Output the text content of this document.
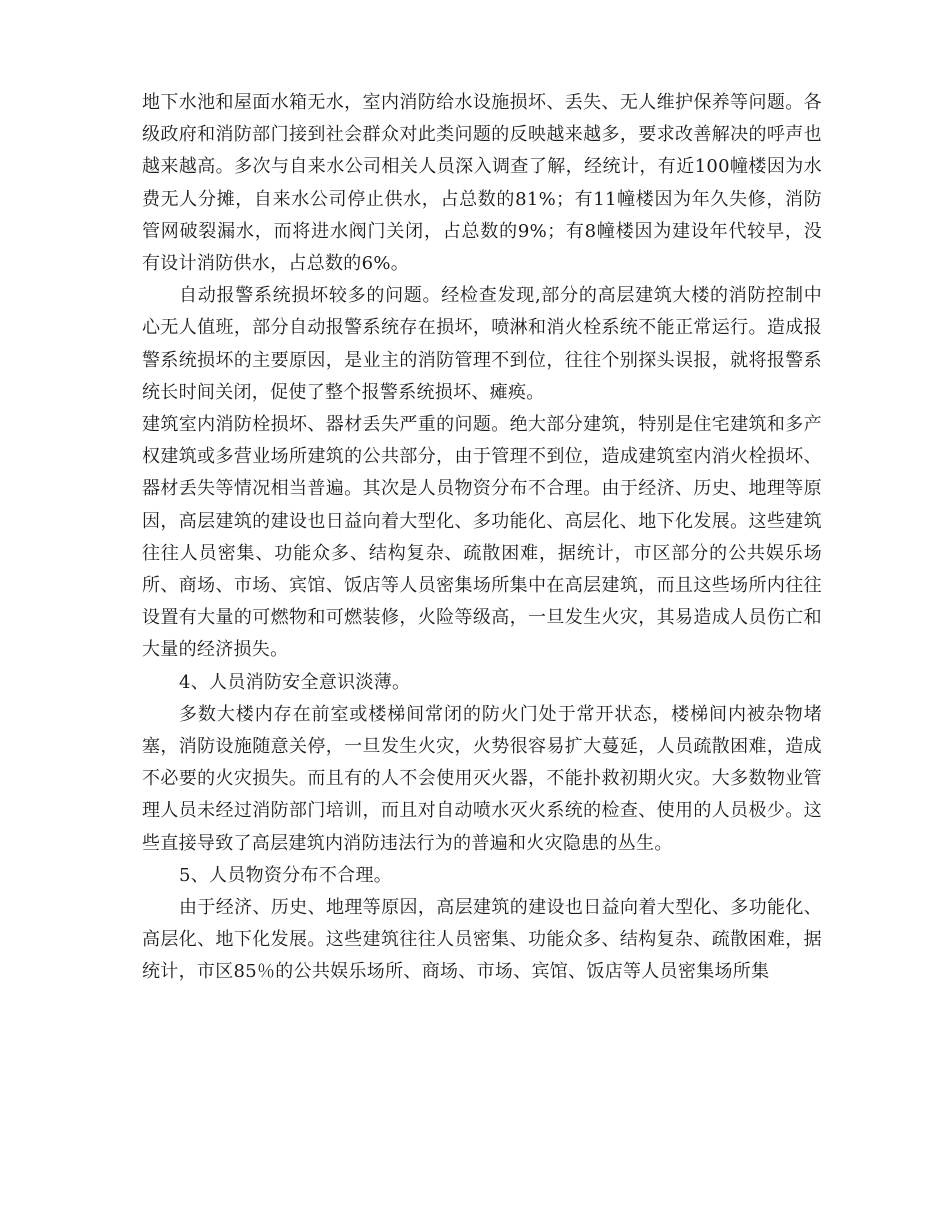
地下水池和屋面水箱无水，室内消防给水设施损坏、丢失、无人维护保养等问题。各级政府和消防部门接到社会群众对此类问题的反映越来越多，要求改善解决的呼声也越来越高。多次与自来水公司相关人员深入调查了解，经统计，有近100幢楼因为水费无人分摊，自来水公司停止供水，占总数的81%；有11幢楼因为年久失修，消防管网破裂漏水，而将进水阀门关闭，占总数的9%；有8幢楼因为建设年代较早，没有设计消防供水，占总数的6%。

自动报警系统损坏较多的问题。经检查发现,部分的高层建筑大楼的消防控制中心无人值班，部分自动报警系统存在损坏，喷淋和消火栓系统不能正常运行。造成报警系统损坏的主要原因，是业主的消防管理不到位，往往个别探头误报，就将报警系统长时间关闭，促使了整个报警系统损坏、瘫痪。

建筑室内消防栓损坏、器材丢失严重的问题。绝大部分建筑，特别是住宅建筑和多产权建筑或多营业场所建筑的公共部分，由于管理不到位，造成建筑室内消火栓损坏、器材丢失等情况相当普遍。其次是人员物资分布不合理。由于经济、历史、地理等原因，高层建筑的建设也日益向着大型化、多功能化、高层化、地下化发展。这些建筑往往人员密集、功能众多、结构复杂、疏散困难，据统计，市区部分的公共娱乐场所、商场、市场、宾馆、饭店等人员密集场所集中在高层建筑，而且这些场所内往往设置有大量的可燃物和可燃装修，火险等级高，一旦发生火灾，其易造成人员伤亡和大量的经济损失。

4、人员消防安全意识淡薄。

多数大楼内存在前室或楼梯间常闭的防火门处于常开状态，楼梯间内被杂物堵塞，消防设施随意关停，一旦发生火灾，火势很容易扩大蔓延，人员疏散困难，造成不必要的火灾损失。而且有的人不会使用灭火器，不能扑救初期火灾。大多数物业管理人员未经过消防部门培训，而且对自动喷水灭火系统的检查、使用的人员极少。这些直接导致了高层建筑内消防违法行为的普遍和火灾隐患的丛生。

5、人员物资分布不合理。

由于经济、历史、地理等原因，高层建筑的建设也日益向着大型化、多功能化、高层化、地下化发展。这些建筑往往人员密集、功能众多、结构复杂、疏散困难，据统计，市区85％的公共娱乐场所、商场、市场、宾馆、饭店等人员密集场所集
